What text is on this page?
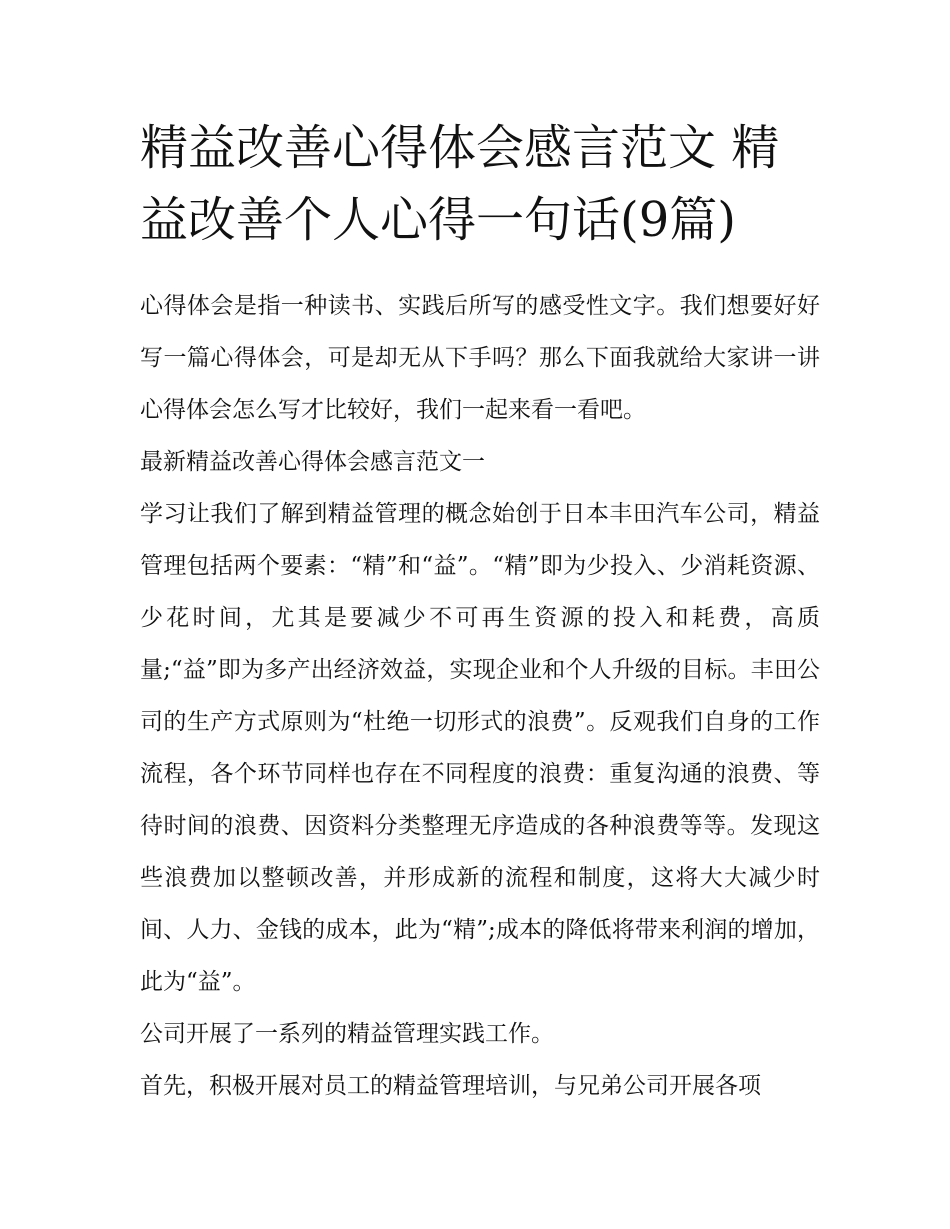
精益改善心得体会感言范文 精益改善个人心得一句话(9篇)

心得体会是指一种读书、实践后所写的感受性文字。我们想要好好写一篇心得体会，可是却无从下手吗？那么下面我就给大家讲一讲心得体会怎么写才比较好，我们一起来看一看吧。

最新精益改善心得体会感言范文一

学习让我们了解到精益管理的概念始创于日本丰田汽车公司，精益管理包括两个要素：“精”和“益”。“精”即为少投入、少消耗资源、少花时间，尤其是要减少不可再生资源的投入和耗费，高质量;“益”即为多产出经济效益，实现企业和个人升级的目标。丰田公司的生产方式原则为“杜绝一切形式的浪费”。反观我们自身的工作流程，各个环节同样也存在不同程度的浪费：重复沟通的浪费、等待时间的浪费、因资料分类整理无序造成的各种浪费等等。发现这些浪费加以整顿改善，并形成新的流程和制度，这将大大减少时间、人力、金钱的成本，此为“精”;成本的降低将带来利润的增加，此为“益”。

公司开展了一系列的精益管理实践工作。

首先，积极开展对员工的精益管理培训，与兄弟公司开展各项
